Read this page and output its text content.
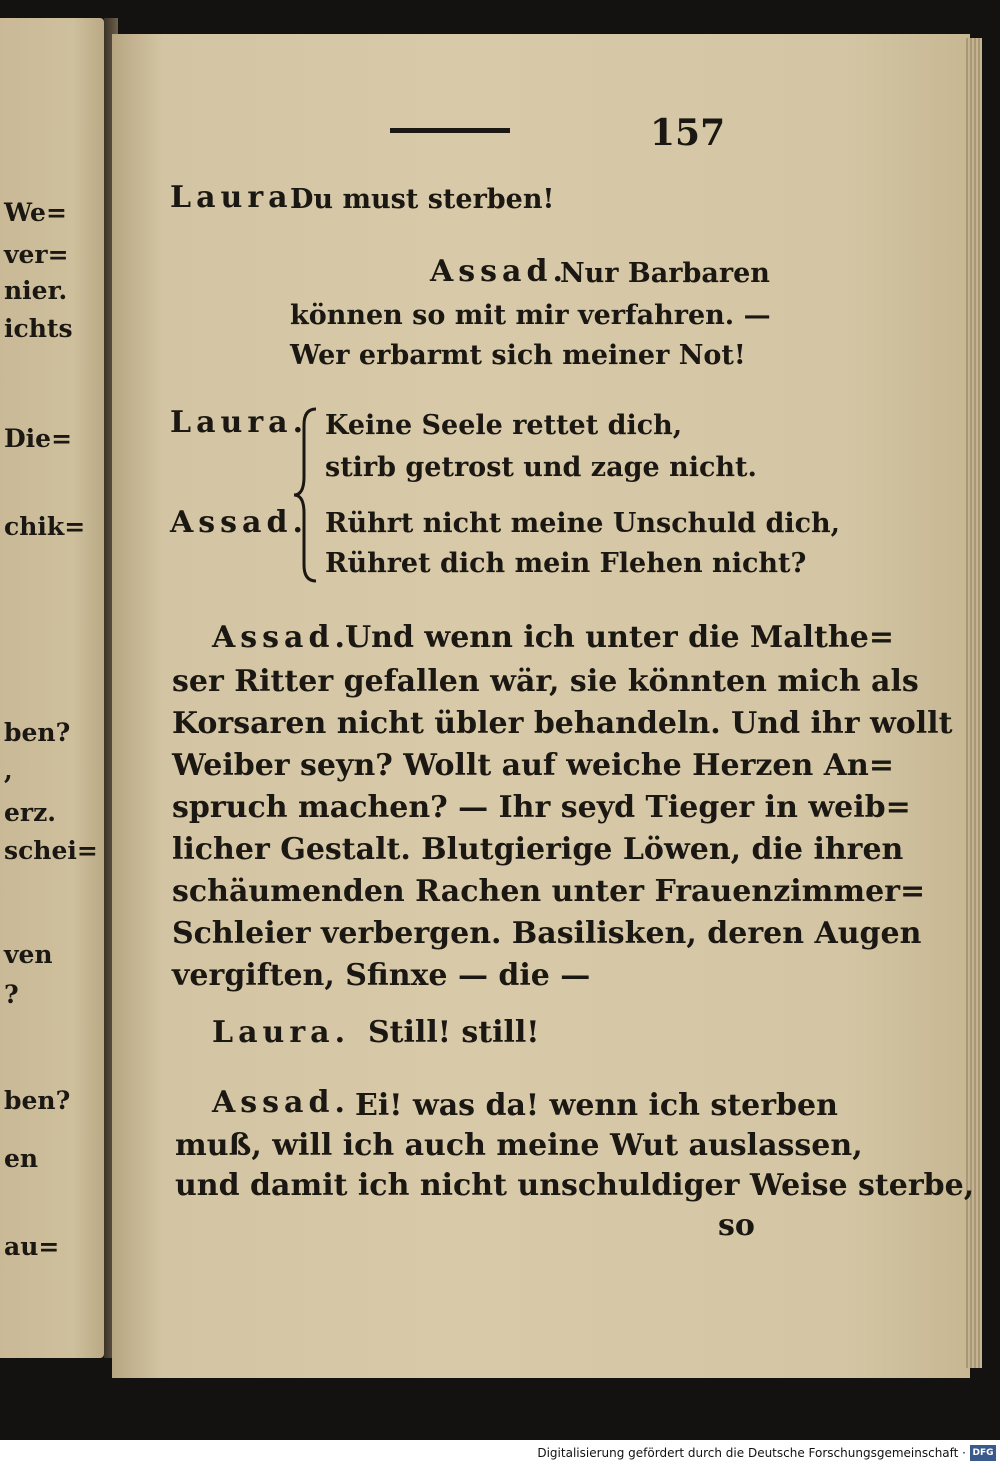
We=
ver=
nier.
ichts
Die=
chik=
ben?
,
erz.
schei=
ven
?
ben?
en
au=
157
Laura.
Du must sterben!
Assad.
Nur Barbaren
können so mit mir verfahren. —
Wer erbarmt sich meiner Not!
Laura. Keine Seele rettet dich,
stirb getrost und zage nicht.
Assad. Rührt nicht meine Unschuld dich,
Rühret dich mein Flehen nicht?
Assad.
Und wenn ich unter die Malthe=
ser Ritter gefallen wär, sie könnten mich als
Korsaren nicht übler behandeln. Und ihr wollt
Weiber seyn? Wollt auf weiche Herzen An=
spruch machen? — Ihr seyd Tieger in weib=
licher Gestalt. Blutgierige Löwen, die ihren
schäumenden Rachen unter Frauenzimmer=
Schleier verbergen. Basilisken, deren Augen
vergiften, Sfinxe — die —
Laura. Still! still!
Assad. Ei! was da! wenn ich sterben
muß, will ich auch meine Wut auslassen,
und damit ich nicht unschuldiger Weise sterbe,
so
Digitalisierung gefördert durch die Deutsche Forschungsgemeinschaft · DFG
